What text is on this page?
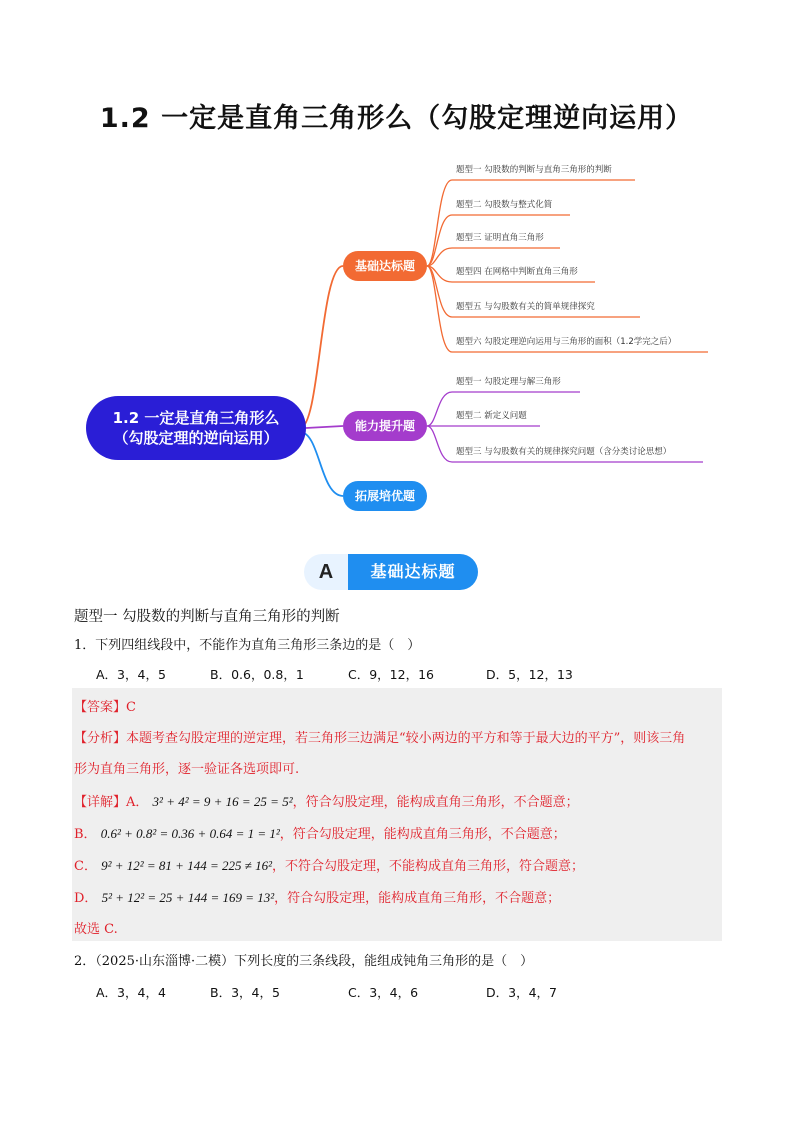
1.2 一定是直角三角形么（勾股定理逆向运用）
1.2 一定是直角三角形么
（勾股定理的逆向运用）
基础达标题
能力提升题
拓展培优题
题型一 勾股数的判断与直角三角形的判断
题型二 勾股数与整式化简
题型三 证明直角三角形
题型四 在网格中判断直角三角形
题型五 与勾股数有关的简单规律探究
题型六 勾股定理逆向运用与三角形的面积（1.2学完之后）
题型一 勾股定理与解三角形
题型二 新定义问题
题型三 与勾股数有关的规律探究问题（含分类讨论思想）
A	基础达标题
题型一 勾股数的判断与直角三角形的判断
1．下列四组线段中，不能作为直角三角形三条边的是（　）
A．3，4，5	B．0.6，0.8，1	C．9，12，16	D．5，12，13
【答案】C
【分析】本题考查勾股定理的逆定理，若三角形三边满足“较小两边的平方和等于最大边的平方”，则该三角
形为直角三角形，逐一验证各选项即可.
【详解】A． 3² + 4² = 9 + 16 = 25 = 5²，符合勾股定理，能构成直角三角形，不合题意；
B． 0.6² + 0.8² = 0.36 + 0.64 = 1 = 1²，符合勾股定理，能构成直角三角形，不合题意；
C． 9² + 12² = 81 + 144 = 225 ≠ 16²，不符合勾股定理，不能构成直角三角形，符合题意；
D． 5² + 12² = 25 + 144 = 169 = 13²，符合勾股定理，能构成直角三角形，不合题意；
故选 C.
2．（2025·山东淄博·二模）下列长度的三条线段，能组成钝角三角形的是（　）
A．3，4，4	B．3，4，5	C．3，4，6	D．3，4，7
